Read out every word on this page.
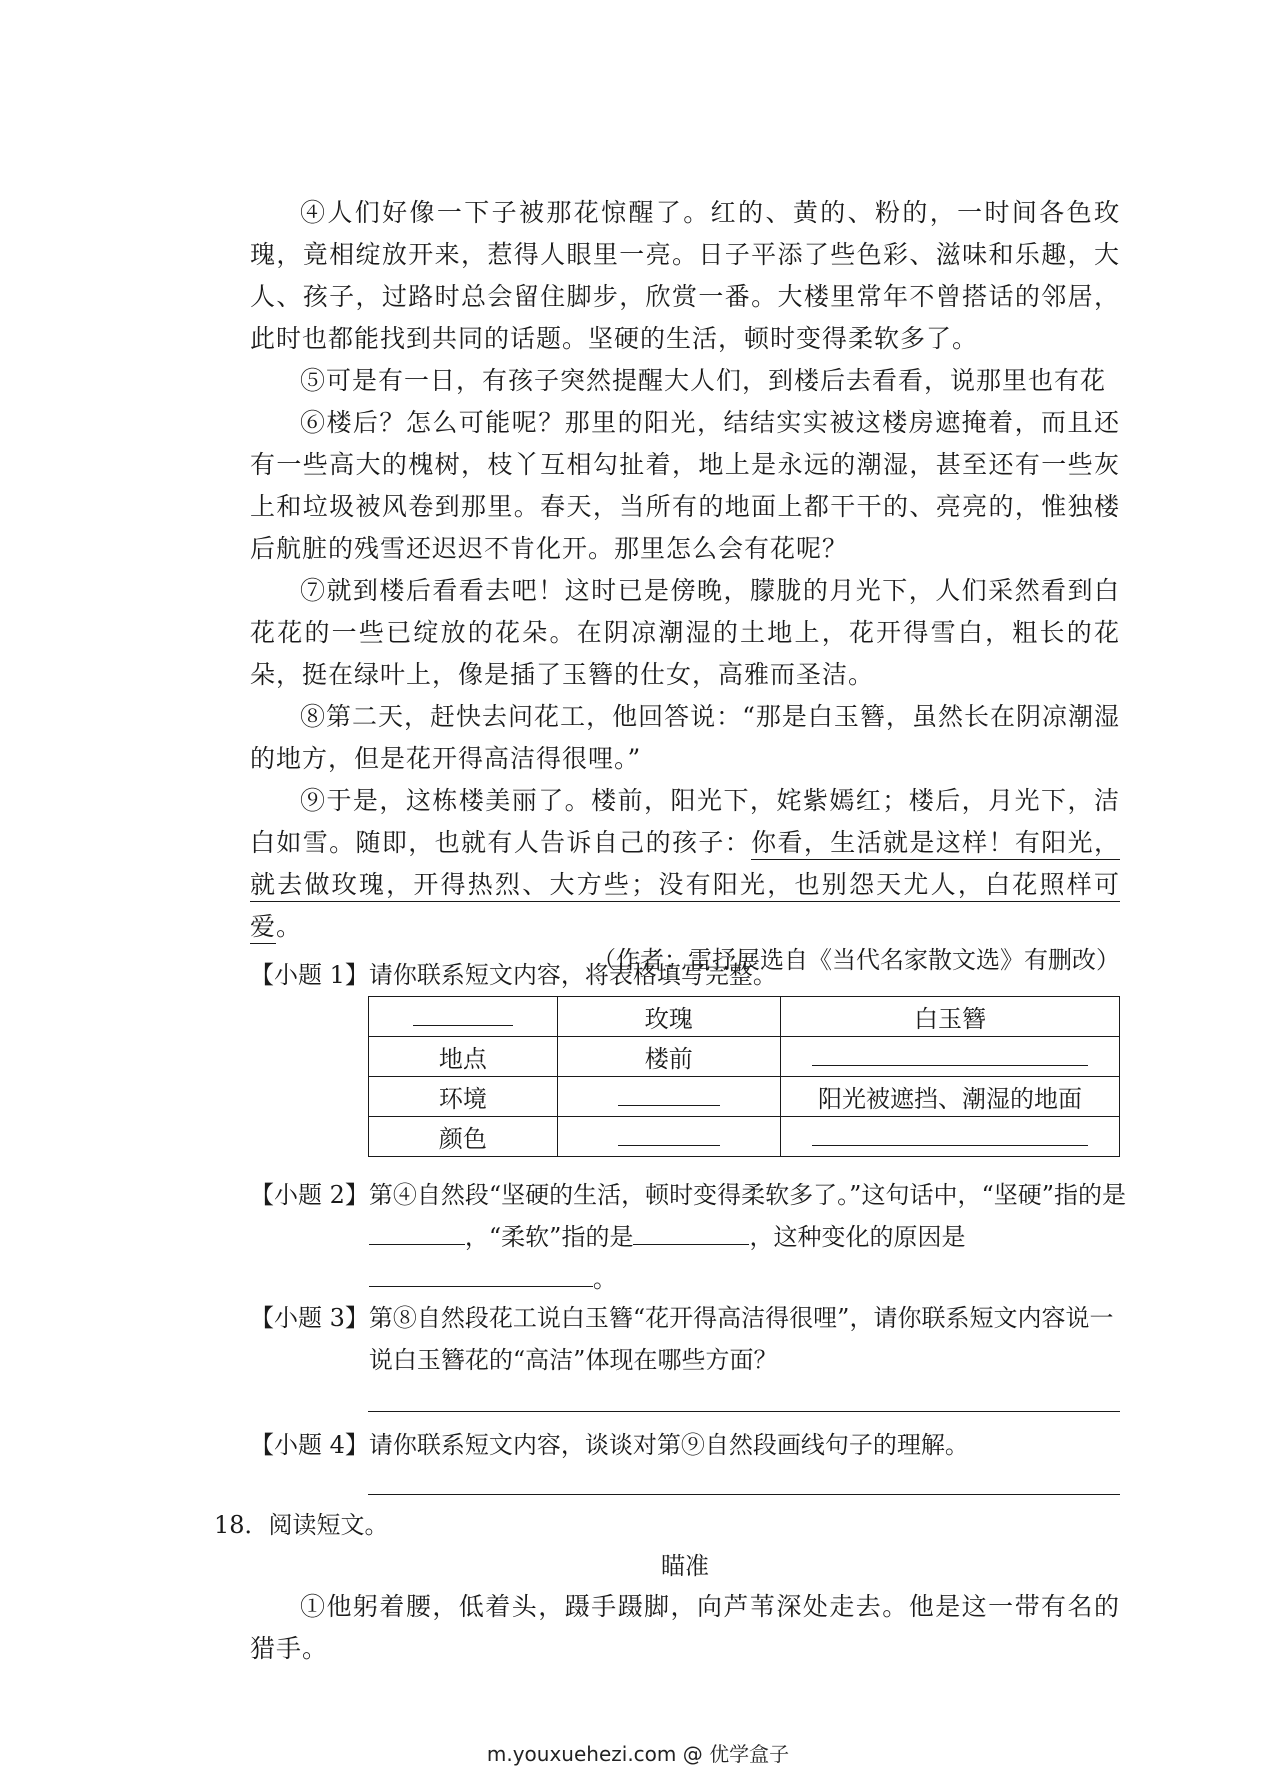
④人们好像一下子被那花惊醒了。红的、黄的、粉的，一时间各色玫瑰，竟相绽放开来，惹得人眼里一亮。日子平添了些色彩、滋味和乐趣，大人、孩子，过路时总会留住脚步，欣赏一番。大楼里常年不曾搭话的邻居，此时也都能找到共同的话题。坚硬的生活，顿时变得柔软多了。

⑤可是有一日，有孩子突然提醒大人们，到楼后去看看，说那里也有花

⑥楼后？怎么可能呢？那里的阳光，结结实实被这楼房遮掩着，而且还有一些高大的槐树，枝丫互相勾扯着，地上是永远的潮湿，甚至还有一些灰上和垃圾被风卷到那里。春天，当所有的地面上都干干的、亮亮的，惟独楼后航脏的残雪还迟迟不肯化开。那里怎么会有花呢？

⑦就到楼后看看去吧！这时已是傍晚，朦胧的月光下，人们采然看到白花花的一些已绽放的花朵。在阴凉潮湿的土地上，花开得雪白，粗长的花朵，挺在绿叶上，像是插了玉簪的仕女，高雅而圣洁。

⑧第二天，赶快去问花工，他回答说：“那是白玉簪，虽然长在阴凉潮湿的地方，但是花开得高洁得很哩。”

⑨于是，这栋楼美丽了。楼前，阳光下，姹紫嫣红；楼后，月光下，洁白如雪。随即，也就有人告诉自己的孩子：你看，生活就是这样！有阳光，就去做玫瑰，开得热烈、大方些；没有阳光，也别怨天尤人，白花照样可爱。

（作者：雷抒展选自《当代名家散文选》有删改）

【小题 1】 请你联系短文内容，将表格填写完整。
	玫瑰	白玉簪
地点	楼前	
环境		阳光被遮挡、潮湿的地面
颜色		
【小题 2】 第④自然段“坚硬的生活，顿时变得柔软多了。”这句话中，“坚硬”指的是，“柔软”指的是	，这种变化的原因是
。
【小题 3】 第⑧自然段花工说白玉簪“花开得高洁得很哩”，请你联系短文内容说一说白玉簪花的“高洁”体现在哪些方面？
【小题 4】 请你联系短文内容，谈谈对第⑨自然段画线句子的理解。

18．阅读短文。

瞄准

①他躬着腰，低着头，蹑手蹑脚，向芦苇深处走去。他是这一带有名的猎手。

m.youxuehezi.com @ 优学盒子
